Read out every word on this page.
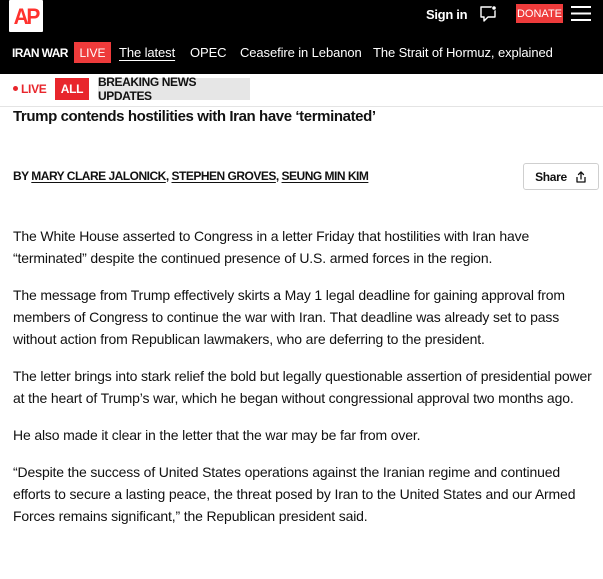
AP	Sign in	DONATE
IRAN WAR LIVE	The latest OPEC Ceasefire in Lebanon The Strait of Hormuz, explained
LIVE	ALL	BREAKING NEWS UPDATES
Trump contends hostilities with Iran have ‘terminated’
BY MARY CLARE JALONICK, STEPHEN GROVES, SEUNG MIN KIM	Share

The White House asserted to Congress in a letter Friday that hostilities with Iran have “terminated” despite the continued presence of U.S. armed forces in the region.

The message from Trump effectively skirts a May 1 legal deadline for gaining approval from members of Congress to continue the war with Iran. That deadline was already set to pass without action from Republican lawmakers, who are deferring to the president.

The letter brings into stark relief the bold but legally questionable assertion of presidential power at the heart of Trump’s war, which he began without congressional approval two months ago.

He also made it clear in the letter that the war may be far from over.

“Despite the success of United States operations against the Iranian regime and continued efforts to secure a lasting peace, the threat posed by Iran to the United States and our Armed Forces remains significant,” the Republican president said.
